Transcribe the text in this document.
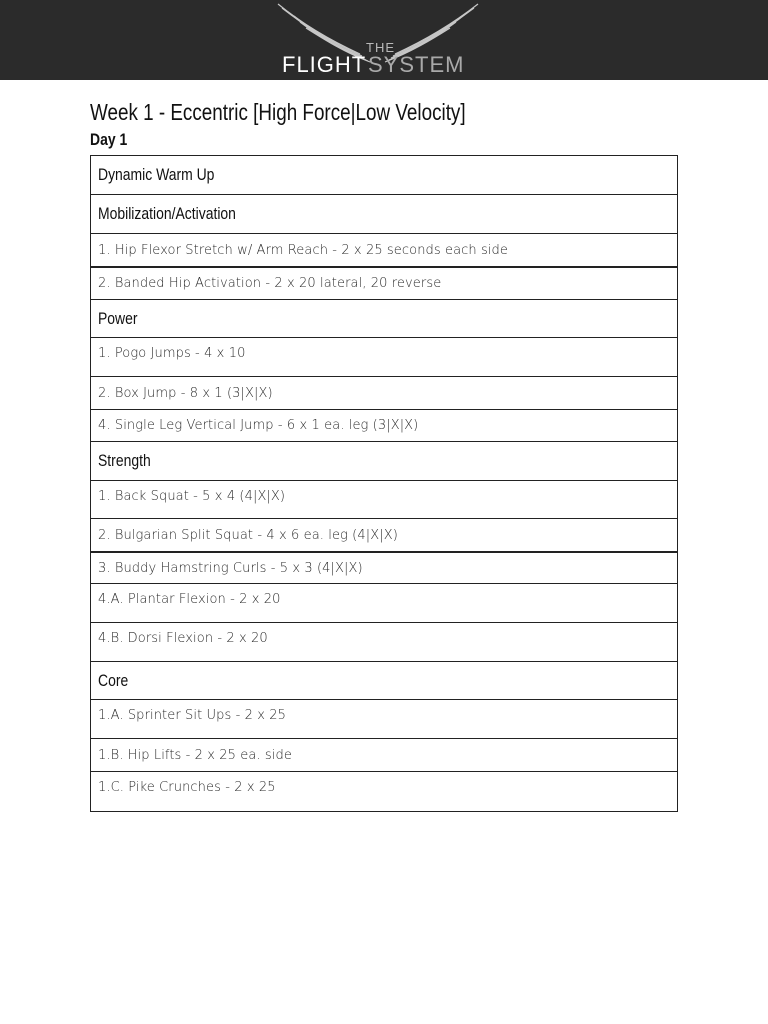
THE
FLIGHT SYSTEM
Week 1 - Eccentric [High Force|Low Velocity]
Day 1
Dynamic Warm Up
Mobilization/Activation
1. Hip Flexor Stretch w/ Arm Reach - 2 x 25 seconds each side
2. Banded Hip Activation - 2 x 20 lateral, 20 reverse
Power
1. Pogo Jumps - 4 x 10
2. Box Jump - 8 x 1 (3|X|X)
4. Single Leg Vertical Jump - 6 x 1 ea. leg (3|X|X)
Strength
1. Back Squat - 5 x 4 (4|X|X)
2. Bulgarian Split Squat - 4 x 6 ea. leg (4|X|X)
3. Buddy Hamstring Curls - 5 x 3 (4|X|X)
4.A. Plantar Flexion - 2 x 20
4.B. Dorsi Flexion - 2 x 20
Core
1.A. Sprinter Sit Ups - 2 x 25
1.B. Hip Lifts - 2 x 25 ea. side
1.C. Pike Crunches - 2 x 25
